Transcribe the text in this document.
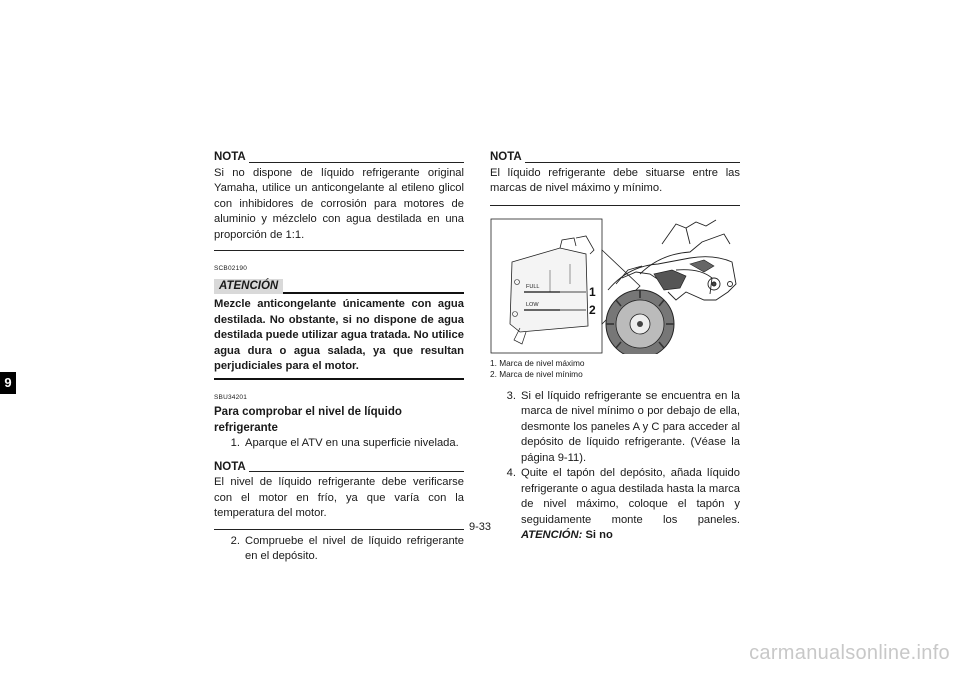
9
NOTA

Si no dispone de líquido refrigerante original Yamaha, utilice un anticongelante al etileno glicol con inhibidores de corrosión para motores de aluminio y mézclelo con agua destilada en una proporción de 1:1.

SCB02190
ATENCIÓN

Mezcle anticongelante únicamente con agua destilada. No obstante, si no dispone de agua destilada puede utilizar agua tratada. No utilice agua dura o agua salada, ya que resultan perjudiciales para el motor.

SBU34201
Para comprobar el nivel de líquido refrigerante
1. Aparque el ATV en una superficie nivelada.
NOTA

El nivel de líquido refrigerante debe verificarse con el motor en frío, ya que varía con la temperatura del motor.

2. Compruebe el nivel de líquido refrigerante en el depósito.
NOTA

El líquido refrigerante debe situarse entre las marcas de nivel máximo y mínimo.

FULL
LOW
1
2
1. Marca de nivel máximo
2. Marca de nivel mínimo
3. Si el líquido refrigerante se encuentra en la marca de nivel mínimo o por debajo de ella, desmonte los paneles A y C para acceder al depósito de líquido refrigerante. (Véase la página 9-11).
4. Quite el tapón del depósito, añada líquido refrigerante o agua destilada hasta la marca de nivel máximo, coloque el tapón y seguidamente monte los paneles. ATENCIÓN: Si no
9-33
carmanualsonline.info
